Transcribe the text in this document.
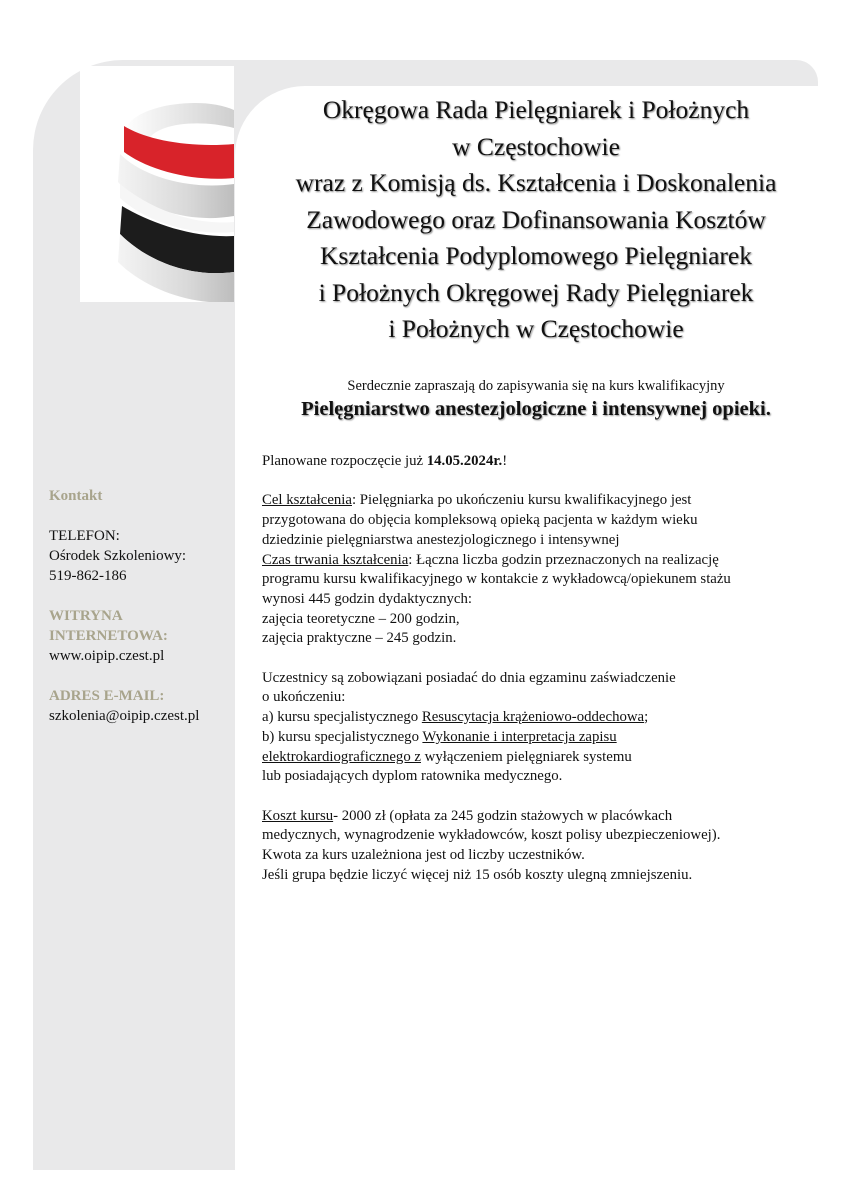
Okręgowa Rada Pielęgniarek i Położnych
w Częstochowie
wraz z Komisją ds. Kształcenia i Doskonalenia
Zawodowego oraz Dofinansowania Kosztów
Kształcenia Podyplomowego Pielęgniarek
i Położnych Okręgowej Rady Pielęgniarek
i Położnych w Częstochowie
Serdecznie zapraszają do zapisywania się na kurs kwalifikacyjny
Pielęgniarstwo anestezjologiczne i intensywnej opieki.

Planowane rozpoczęcie już 14.05.2024r.!

Cel kształcenia: Pielęgniarka po ukończeniu kursu kwalifikacyjnego jest

przygotowana do objęcia kompleksową opieką pacjenta w każdym wieku

dziedzinie pielęgniarstwa anestezjologicznego i intensywnej

Czas trwania kształcenia: Łączna liczba godzin przeznaczonych na realizację

programu kursu kwalifikacyjnego w kontakcie z wykładowcą/opiekunem stażu

wynosi 445 godzin dydaktycznych:

zajęcia teoretyczne – 200 godzin,

zajęcia praktyczne – 245 godzin.

Uczestnicy są zobowiązani posiadać do dnia egzaminu zaświadczenie

o ukończeniu:

a) kursu specjalistycznego Resuscytacja krążeniowo-oddechowa;

b) kursu specjalistycznego Wykonanie i interpretacja zapisu

elektrokardiograficznego z wyłączeniem pielęgniarek systemu

lub posiadających dyplom ratownika medycznego.

Koszt kursu- 2000 zł (opłata za 245 godzin stażowych w placówkach

medycznych, wynagrodzenie wykładowców, koszt polisy ubezpieczeniowej).

Kwota za kurs uzależniona jest od liczby uczestników.

Jeśli grupa będzie liczyć więcej niż 15 osób koszty ulegną zmniejszeniu.

Kontakt
TELEFON:
Ośrodek Szkoleniowy:
519-862-186
WITRYNA
INTERNETOWA:
www.oipip.czest.pl
ADRES E-MAIL:
szkolenia@oipip.czest.pl
